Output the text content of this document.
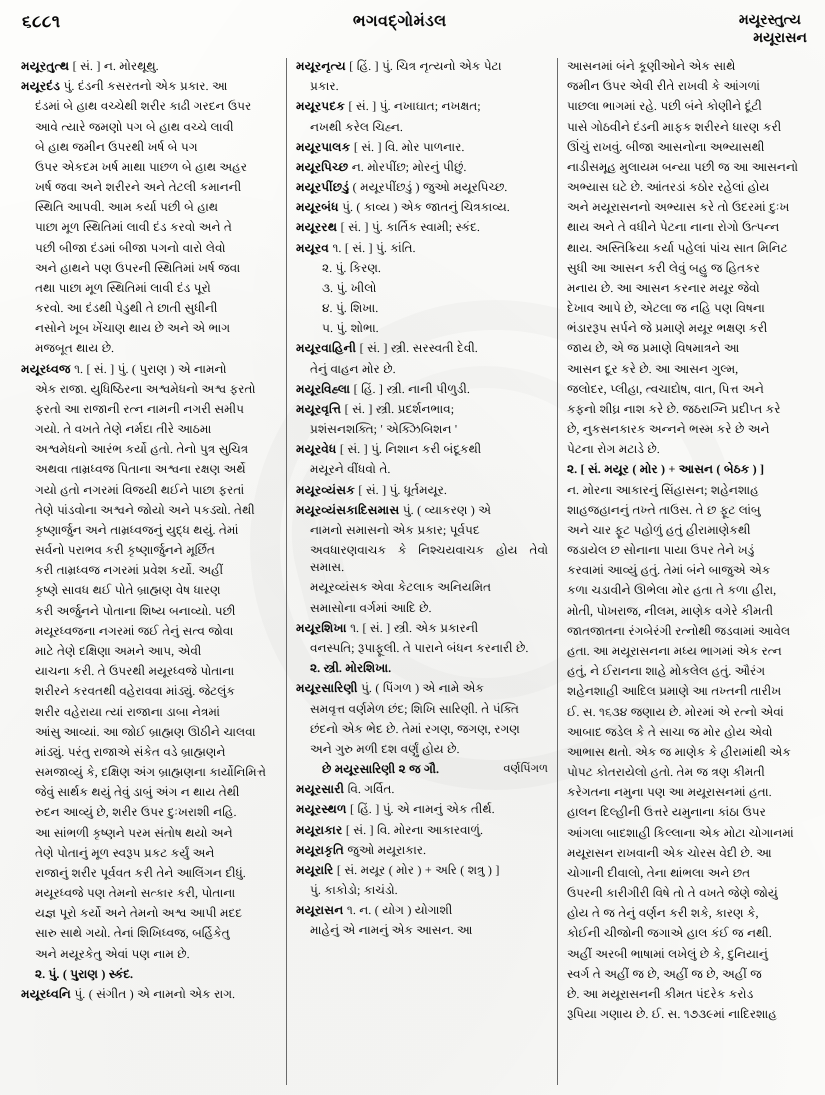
૬૮૮૧	ભગવદ્ગોમંડલ	મયૂરસ્તુત્ય
મયૂરાસન

મયૂરતુત્થ [ સં. ] ન. મોરથૂથુ.

મયૂરદંડ પું. દંડની કસરતનો એક પ્રકાર. આ

દંડમાં બે હાથ વચ્ચેથી શરીર કાઢી ગરદન ઉપર

આવે ત્યારે જમણો પગ બે હાથ વચ્ચે લાવી

બે હાથ જમીન ઉપરથી ખર્ષ બે પગ

ઉપર એકદમ ખર્ષ માથા પાછળ બે હાથ અહર

ખર્ષ જવા અને શરીરને અને તેટલી કમાનની

સ્થિતિ આપવી. આમ કર્યા પછી બે હાથ

પાછા મૂળ સ્થિતિમાં લાવી દંડ કરવો અને તે

પછી બીજા દંડમાં બીજા પગનો વારો લેવો

અને હાથને પણ ઉપરની સ્થિતિમાં ખર્ષ જવા

તથા પાછા મૂળ સ્થિતિમાં લાવી દંડ પૂરો

કરવો. આ દંડથી પેડુથી તે છાતી સુધીની

નસોને ખૂબ ખેંચાણ થાય છે અને એ ભાગ

મજબૂત થાય છે.

મયૂરધ્વજ ૧. [ સં. ] પું. ( પુરાણ ) એ નામનો

એક રાજા. યુધિષ્ઠિરના અશ્વમેધનો અશ્વ ફરતો

ફરતો આ રાજાની રત્ન નામની નગરી સમીપ

ગયો. તે વખતે તેણે નર્મદા તીરે આઠમા

અશ્વમેધનો આરંભ કર્યો હતો. તેનો પુત્ર સુચિત્ર

અથવા તામ્રધ્વજ પિતાના અશ્વના રક્ષણ અર્થે

ગયો હતો નગરમાં વિજયી થઈને પાછા ફરતાં

તેણે પાંડવોના અશ્વને જોયો અને પકડ્યો. તેથી

કૃષ્ણાર્જુન અને તામ્રધ્વજનું યુદ્ધ થયું. તેમાં

સર્વનો પરાભવ કરી કૃષ્ણાર્જુનને મૂર્છિત

કરી તામ્રધ્વજ નગરમાં પ્રવેશ કર્યો. અહીં

કૃષ્ણે સાવધ થઈ પોતે બ્રાહ્મણ વેષ ધારણ

કરી અર્જુનને પોતાના શિષ્ય બનાવ્યો. પછી

મયૂરધ્વજના નગરમાં જઈ તેનું સત્વ જોવા

માટે તેણે દક્ષિણા અમને આપ, એવી

યાચના કરી. તે ઉપરથી મયૂરધ્વજે પોતાના

શરીરને કરવતથી વહેરાવવા માંડ્યું. જેટલુંક

શરીર વહેરાયા ત્યાં રાજાના ડાબા નેત્રમાં

આંસુ આવ્યાં. આ જોઈ બ્રાહ્મણ ઊઠીને ચાલવા

માંડ્યું. પરંતુ રાજાએ સંકેત વડે બ્રાહ્મણને

સમજાવ્યું કે, દક્ષિણ અંગ બ્રાહ્મણના કાર્યોનિમિત્તે

જેવું સાર્થક થયું તેવું ડાબું અંગ ન થાય તેથી

રુદન આવ્યું છે, શરીર ઉપર દુઃખરાશી નહિ.

આ સાંભળી કૃષ્ણને પરમ સંતોષ થયો અને

તેણે પોતાનું મૂળ સ્વરૂપ પ્રકટ કર્યું અને

રાજાનું શરીર પૂર્વવત કરી તેને આલિંગન દીધું.

મયૂરધ્વજે પણ તેમનો સત્કાર કરી, પોતાના

યજ્ઞ પૂરો કર્યો અને તેમનો અશ્વ આપી મદદ

સારુ સાથે ગયો. તેનાં શિખિધ્વજ, બર્હિકેતુ

અને મયૂરકેતુ એવાં પણ નામ છે.

૨. પું. ( પુરાણ ) સ્કંદ.

મયૂરધ્વનિ પું. ( સંગીત ) એ નામનો એક રાગ.

મયૂરનૃત્ય [ હિં. ] પું. ચિત્ર નૃત્યનો એક પેટા

પ્રકાર.

મયૂરપદક [ સં. ] પું. નખાઘાત; નખક્ષત;

નખથી કરેલ ચિહ્ન.

મયૂરપાલક [ સં. ] વિ. મોર પાળનાર.

મયૂરપિચ્છ ન. મોરપીંછ; મોરનું પીછું.

મયૂરપીંછડું ( મયૂરપીંછડું ) જુઓ મયૂરપિચ્છ.

મયૂરબંધ પું. ( કાવ્ય ) એક જાતનું ચિત્રકાવ્ય.

મયૂરરથ [ સં. ] પું. કાર્તિક સ્વામી; સ્કંદ.

મયૂરવ ૧. [ સં. ] પું. કાંતિ.

૨. પું. કિરણ.

૩. પું. ખીલો

૪. પું. શિખા.

૫. પું. શોભા.

મયૂરવાહિની [ સં. ] સ્ત્રી. સરસ્વતી દેવી.

તેનું વાહન મોર છે.

મયૂરવિહ્લા [ હિં. ] સ્ત્રી. નાની પીળુડી.

મયૂરવૃત્તિ [ સં. ] સ્ત્રી. પ્રદર્શનભાવ;

પ્રશંસનશક્તિ; ' એક્ઝિબિશન '

મયૂરવેધ [ સં. ] પું. નિશાન કરી બંદૂકથી

મયૂરને વીંધવો તે.

મયૂરવ્યંસક [ સં. ] પું. ધૂર્તમયૂર.

મયૂરવ્યંસકાદિસમાસ પું. ( વ્યાકરણ ) એ

નામનો સમાસનો એક પ્રકાર; પૂર્વપદ

અવધારણવાચક કે નિશ્ચયવાચક હોય તેવો સમાસ.

મયૂરવ્યંસક એવા કેટલાક અનિયમિત

સમાસોના વર્ગમાં આદિ છે.

મયૂરશિખા ૧. [ સં. ] સ્ત્રી. એક પ્રકારની

વનસ્પતિ; રૂપાફૂલી. તે પારાને બંધન કરનારી છે.

૨. સ્ત્રી. મોરશિખા.

મયૂરસારિણી પું. ( પિંગળ ) એ નામે એક

સમવૃત્ત વર્ણમેળ છંદ; શિખિ સારિણી. તે પંક્તિ

છંદનો એક ભેદ છે. તેમાં રગણ, જગણ, રગણ

અને ગુરુ મળી દશ વર્ણું હોય છે.

છે મયૂરસારિણી ૨ જ ગૌ.	વર્ણપિંગળ

મયૂરસારી વિ. ગર્વિત.

મયૂરસ્થળ [ હિં. ] પું. એ નામનું એક તીર્થ.

મયૂરાકાર [ સં. ] વિ. મોરના આકારવાળું.

મયૂરાકૃતિ જુઓ મયૂરાકાર.

મયૂરારિ [ સં. મયૂર ( મોર ) + અરિ ( શત્રુ ) ]

પું. કાકોડો; કાચંડો.

મયૂરાસન ૧. ન. ( યોગ ) યોગાશી

માહેનું એ નામનું એક આસન. આ

આસનમાં બંને કૂણીઓને એક સાથે

જમીન ઉપર એવી રીતે રાખવી કે આંગળાં

પાછલા ભાગમાં રહે. પછી બંને કોણીને દૂંટી

પાસે ગોઠવીને દંડની માફક શરીરને ધારણ કરી

ઊંચું રાખવું. બીજા આસનોના અભ્યાસથી

નાડીસમૂહ મુલાયમ બન્યા પછી જ આ આસનનો

અભ્યાસ ઘટે છે. આંતરડાં કઠોર રહેલાં હોય

અને મયૂરાસનનો અભ્યાસ કરે તો ઉદરમાં દુઃખ

થાય અને તે વધીને પેટના નાના રોગો ઉત્પન્ન

થાય. અસ્તિક્રિયા કર્યા પહેલાં પાંચ સાત મિનિટ

સુધી આ આસન કરી લેવું બહુ જ હિતકર

મનાય છે. આ આસન કરનાર મયૂર જેવો

દેખાવ આપે છે, એટલા જ નહિ પણ વિષના

ભંડારરૂપ સર્પને જે પ્રમાણે મયૂર ભક્ષણ કરી

જાય છે, એ જ પ્રમાણે વિષમાત્રને આ

આસન દૂર કરે છે. આ આસન ગુલ્મ,

જલોદર, પ્લીહા, ત્વચાદોષ, વાત, પિત્ત અને

કફનો શીઘ્ર નાશ કરે છે. જઠરાગ્નિ પ્રદીપ્ત કરે

છે, નુકસનકારક અન્નને ભસ્મ કરે છે અને

પેટના રોગ મટાડે છે.

૨. [ સં. મયૂર ( મોર ) + આસન ( બેઠક ) ]

ન. મોરના આકારનું સિંહાસન; શહેનશાહ

શાહજહાનનું તખ્તે તાઉસ. તે છ ફૂટ લાંબુ

અને ચાર ફૂટ પહોળું હતું હીરામાણેકથી

જડાયેલ છ સોનાના પાયા ઉપર તેને ખડું

કરવામાં આવ્યું હતું. તેમાં બંને બાજુએ એક

કળા ચડાવીને ઊભેલા મોર હતા તે કળા હીરા,

મોતી, પોખરાજ, નીલમ, માણેક વગેરે કીમતી

જાતજાતના રંગબેરંગી રત્નોથી જડવામાં આવેલ

હતા. આ મયૂરાસનના મધ્ય ભાગમાં એક રત્ન

હતું, ને ઈરાનના શાહે મોકલેલ હતું. ઔરંગ

શહેનશાહી આદિલ પ્રમાણે આ તખ્તની તારીખ

ઈ. સ. ૧૬૩૪ જણાય છે. મોરમાં એ રત્નો એવાં

આબાદ જડેલ કે તે સાચા જ મોર હોય એવો

આભાસ થતો. એક જ માણેક કે હીરામાંથી એક

પોપટ કોતરાયેલો હતો. તેમ જ ત્રણ કીમતી

કરેગતના નમુના પણ આ મયૂરાસનમાં હતા.

હાલન દિલ્હીની ઉત્તરે યમુનાના કાંઠા ઉપર

આંગલા બાદશાહી કિલ્લાના એક મોટા ચોગાનમાં

મયૂરાસન રાખવાની એક ચોરસ વેદી છે. આ

ચોગાની દીવાલો, તેના થાંભલા અને છત

ઉપરની કારીગીરી વિષે તો તે વખતે જેણે જોયું

હોય તે જ તેનું વર્ણન કરી શકે, કારણ કે,

કોઈની ચીજોની જગાએ હાલ કંઈ જ નથી.

અહીં અરબી ભાષામાં લખેલું છે કે, દુનિયાનું

સ્વર્ગ તે અહીં જ છે, અહીં જ છે, અહીં જ

છે. આ મયૂરાસનની કીમત પંદરેક કરોડ

રૂપિયા ગણાય છે. ઈ. સ. ૧૭૩૯માં નાદિરશાહ
